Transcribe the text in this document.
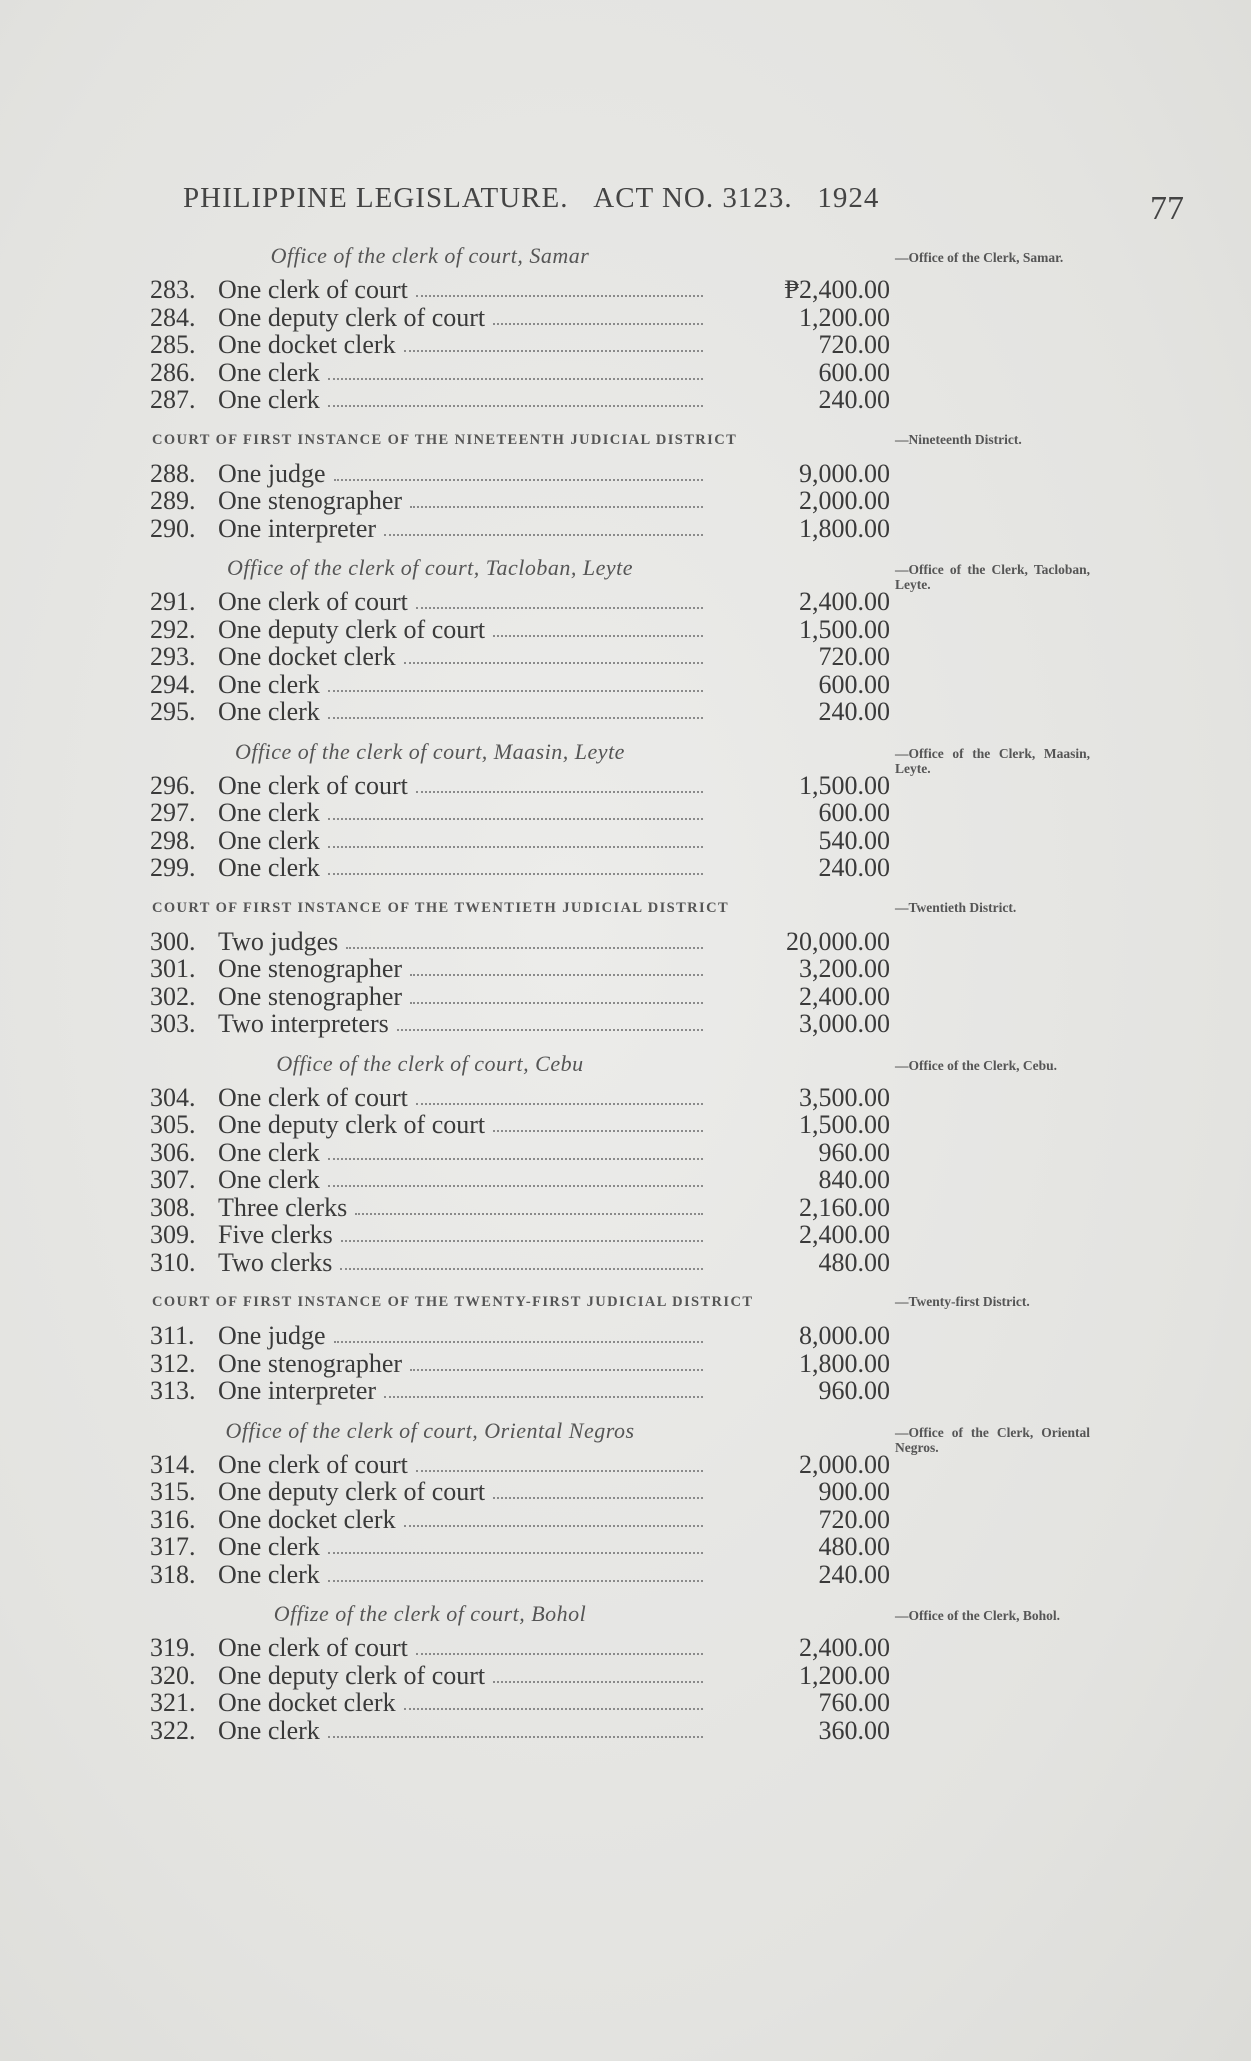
PHILIPPINE LEGISLATURE. ACT NO. 3123. 1924	77
Office of the clerk of court, Samar	—Office of the Clerk, Samar.
283. One clerk of court	₱2,400.00
284. One deputy clerk of court	1,200.00
285. One docket clerk	720.00
286. One clerk	600.00
287. One clerk	240.00
COURT OF FIRST INSTANCE OF THE NINETEENTH JUDICIAL DISTRICT	—Nineteenth District.
288. One judge	9,000.00
289. One stenographer	2,000.00
290. One interpreter	1,800.00
Office of the clerk of court, Tacloban, Leyte	—Office of the Clerk, Tacloban, Leyte.
291. One clerk of court	2,400.00
292. One deputy clerk of court	1,500.00
293. One docket clerk	720.00
294. One clerk	600.00
295. One clerk	240.00
Office of the clerk of court, Maasin, Leyte	—Office of the Clerk, Maasin, Leyte.
296. One clerk of court	1,500.00
297. One clerk	600.00
298. One clerk	540.00
299. One clerk	240.00
COURT OF FIRST INSTANCE OF THE TWENTIETH JUDICIAL DISTRICT	—Twentieth District.
300. Two judges	20,000.00
301. One stenographer	3,200.00
302. One stenographer	2,400.00
303. Two interpreters	3,000.00
Office of the clerk of court, Cebu	—Office of the Clerk, Cebu.
304. One clerk of court	3,500.00
305. One deputy clerk of court	1,500.00
306. One clerk	960.00
307. One clerk	840.00
308. Three clerks	2,160.00
309. Five clerks	2,400.00
310. Two clerks	480.00
COURT OF FIRST INSTANCE OF THE TWENTY-FIRST JUDICIAL DISTRICT	—Twenty-first District.
311. One judge	8,000.00
312. One stenographer	1,800.00
313. One interpreter	960.00
Office of the clerk of court, Oriental Negros	—Office of the Clerk, Oriental Negros.
314. One clerk of court	2,000.00
315. One deputy clerk of court	900.00
316. One docket clerk	720.00
317. One clerk	480.00
318. One clerk	240.00
Offize of the clerk of court, Bohol	—Office of the Clerk, Bohol.
319. One clerk of court	2,400.00
320. One deputy clerk of court	1,200.00
321. One docket clerk	760.00
322. One clerk	360.00
